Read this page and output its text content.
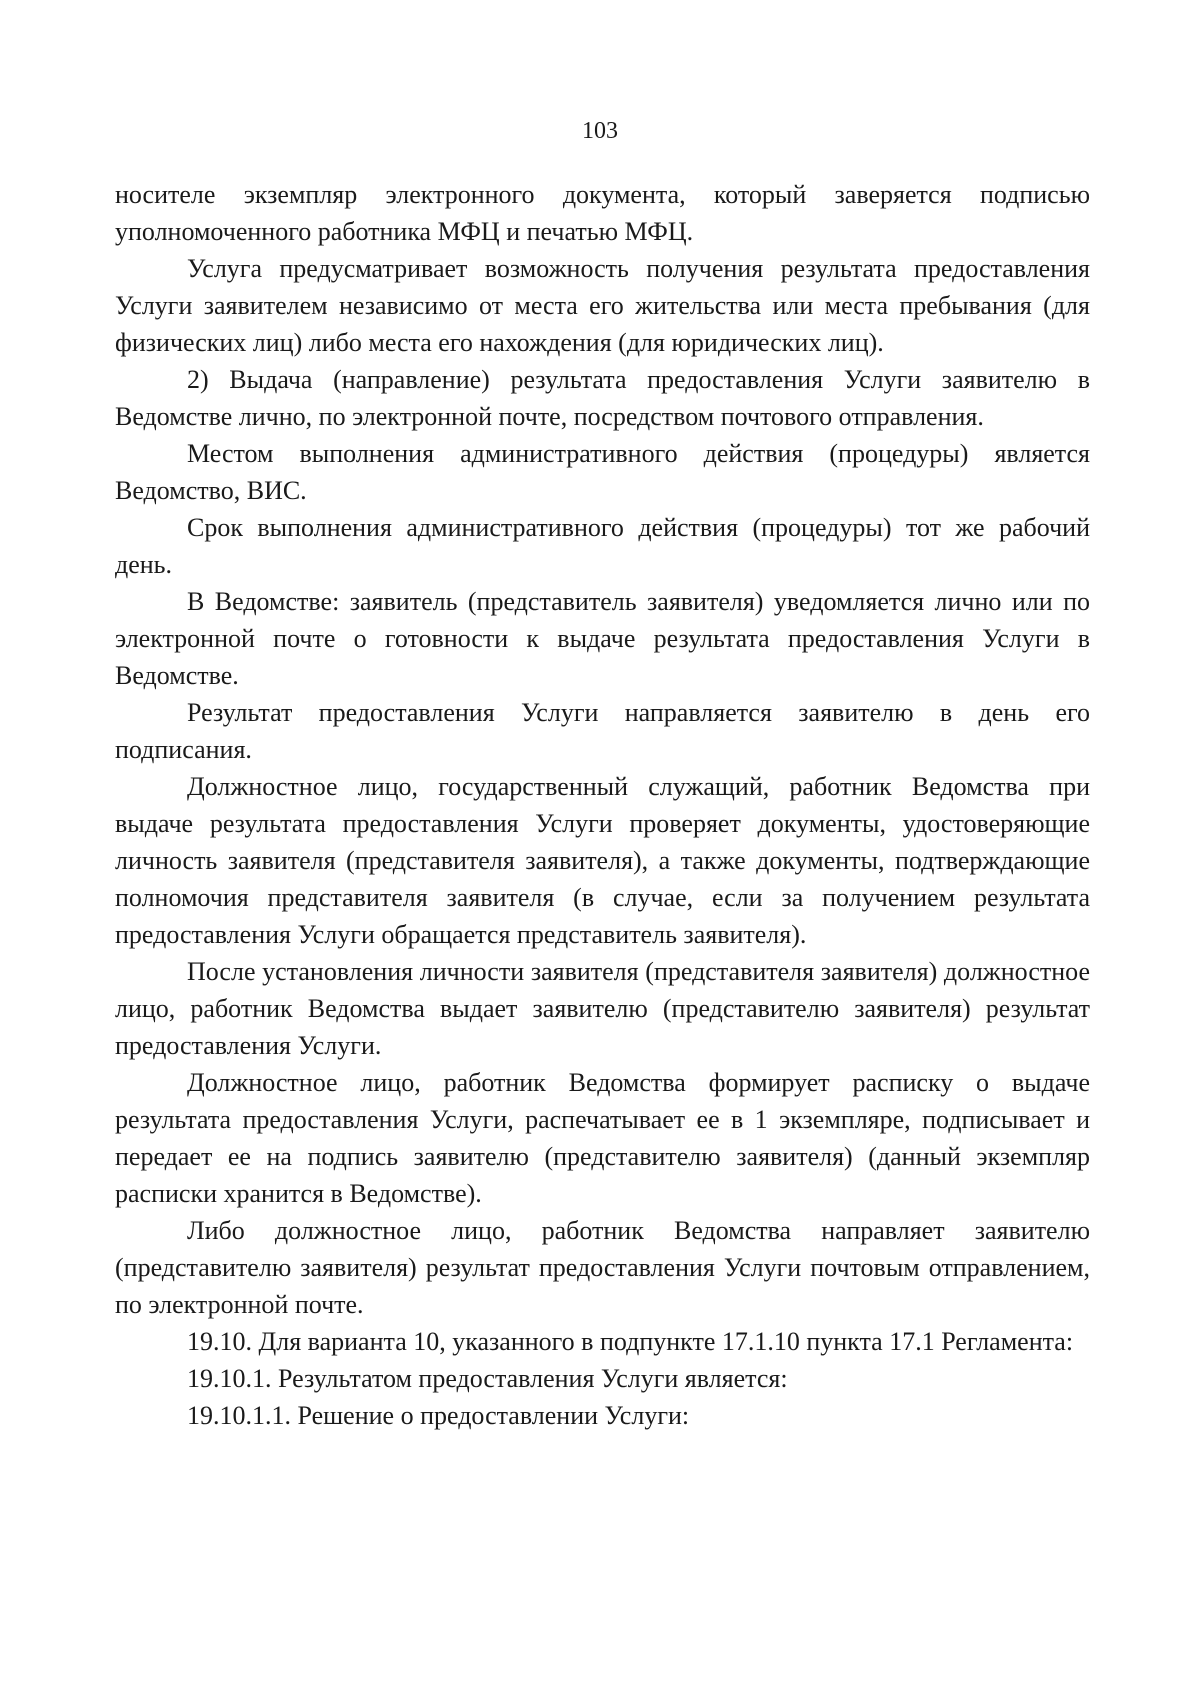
103

носителе экземпляр электронного документа, который заверяется подписью уполномоченного работника МФЦ и печатью МФЦ.

Услуга предусматривает возможность получения результата предоставления Услуги заявителем независимо от места его жительства или места пребывания (для физических лиц) либо места его нахождения (для юридических лиц).

2) Выдача (направление) результата предоставления Услуги заявителю в Ведомстве лично, по электронной почте, посредством почтового отправления.

Местом выполнения административного действия (процедуры) является Ведомство, ВИС.

Срок выполнения административного действия (процедуры) тот же рабочий день.

В Ведомстве: заявитель (представитель заявителя) уведомляется лично или по электронной почте о готовности к выдаче результата предоставления Услуги в Ведомстве.

Результат предоставления Услуги направляется заявителю в день его подписания.

Должностное лицо, государственный служащий, работник Ведомства при выдаче результата предоставления Услуги проверяет документы, удостоверяющие личность заявителя (представителя заявителя), а также документы, подтверждающие полномочия представителя заявителя (в случае, если за получением результата предоставления Услуги обращается представитель заявителя).

После установления личности заявителя (представителя заявителя) должностное лицо, работник Ведомства выдает заявителю (представителю заявителя) результат предоставления Услуги.

Должностное лицо, работник Ведомства формирует расписку о выдаче результата предоставления Услуги, распечатывает ее в 1 экземпляре, подписывает и передает ее на подпись заявителю (представителю заявителя) (данный экземпляр расписки хранится в Ведомстве).

Либо должностное лицо, работник Ведомства направляет заявителю (представителю заявителя) результат предоставления Услуги почтовым отправлением, по электронной почте.

19.10. Для варианта 10, указанного в подпункте 17.1.10 пункта 17.1 Регламента:

19.10.1. Результатом предоставления Услуги является:

19.10.1.1. Решение о предоставлении Услуги:
